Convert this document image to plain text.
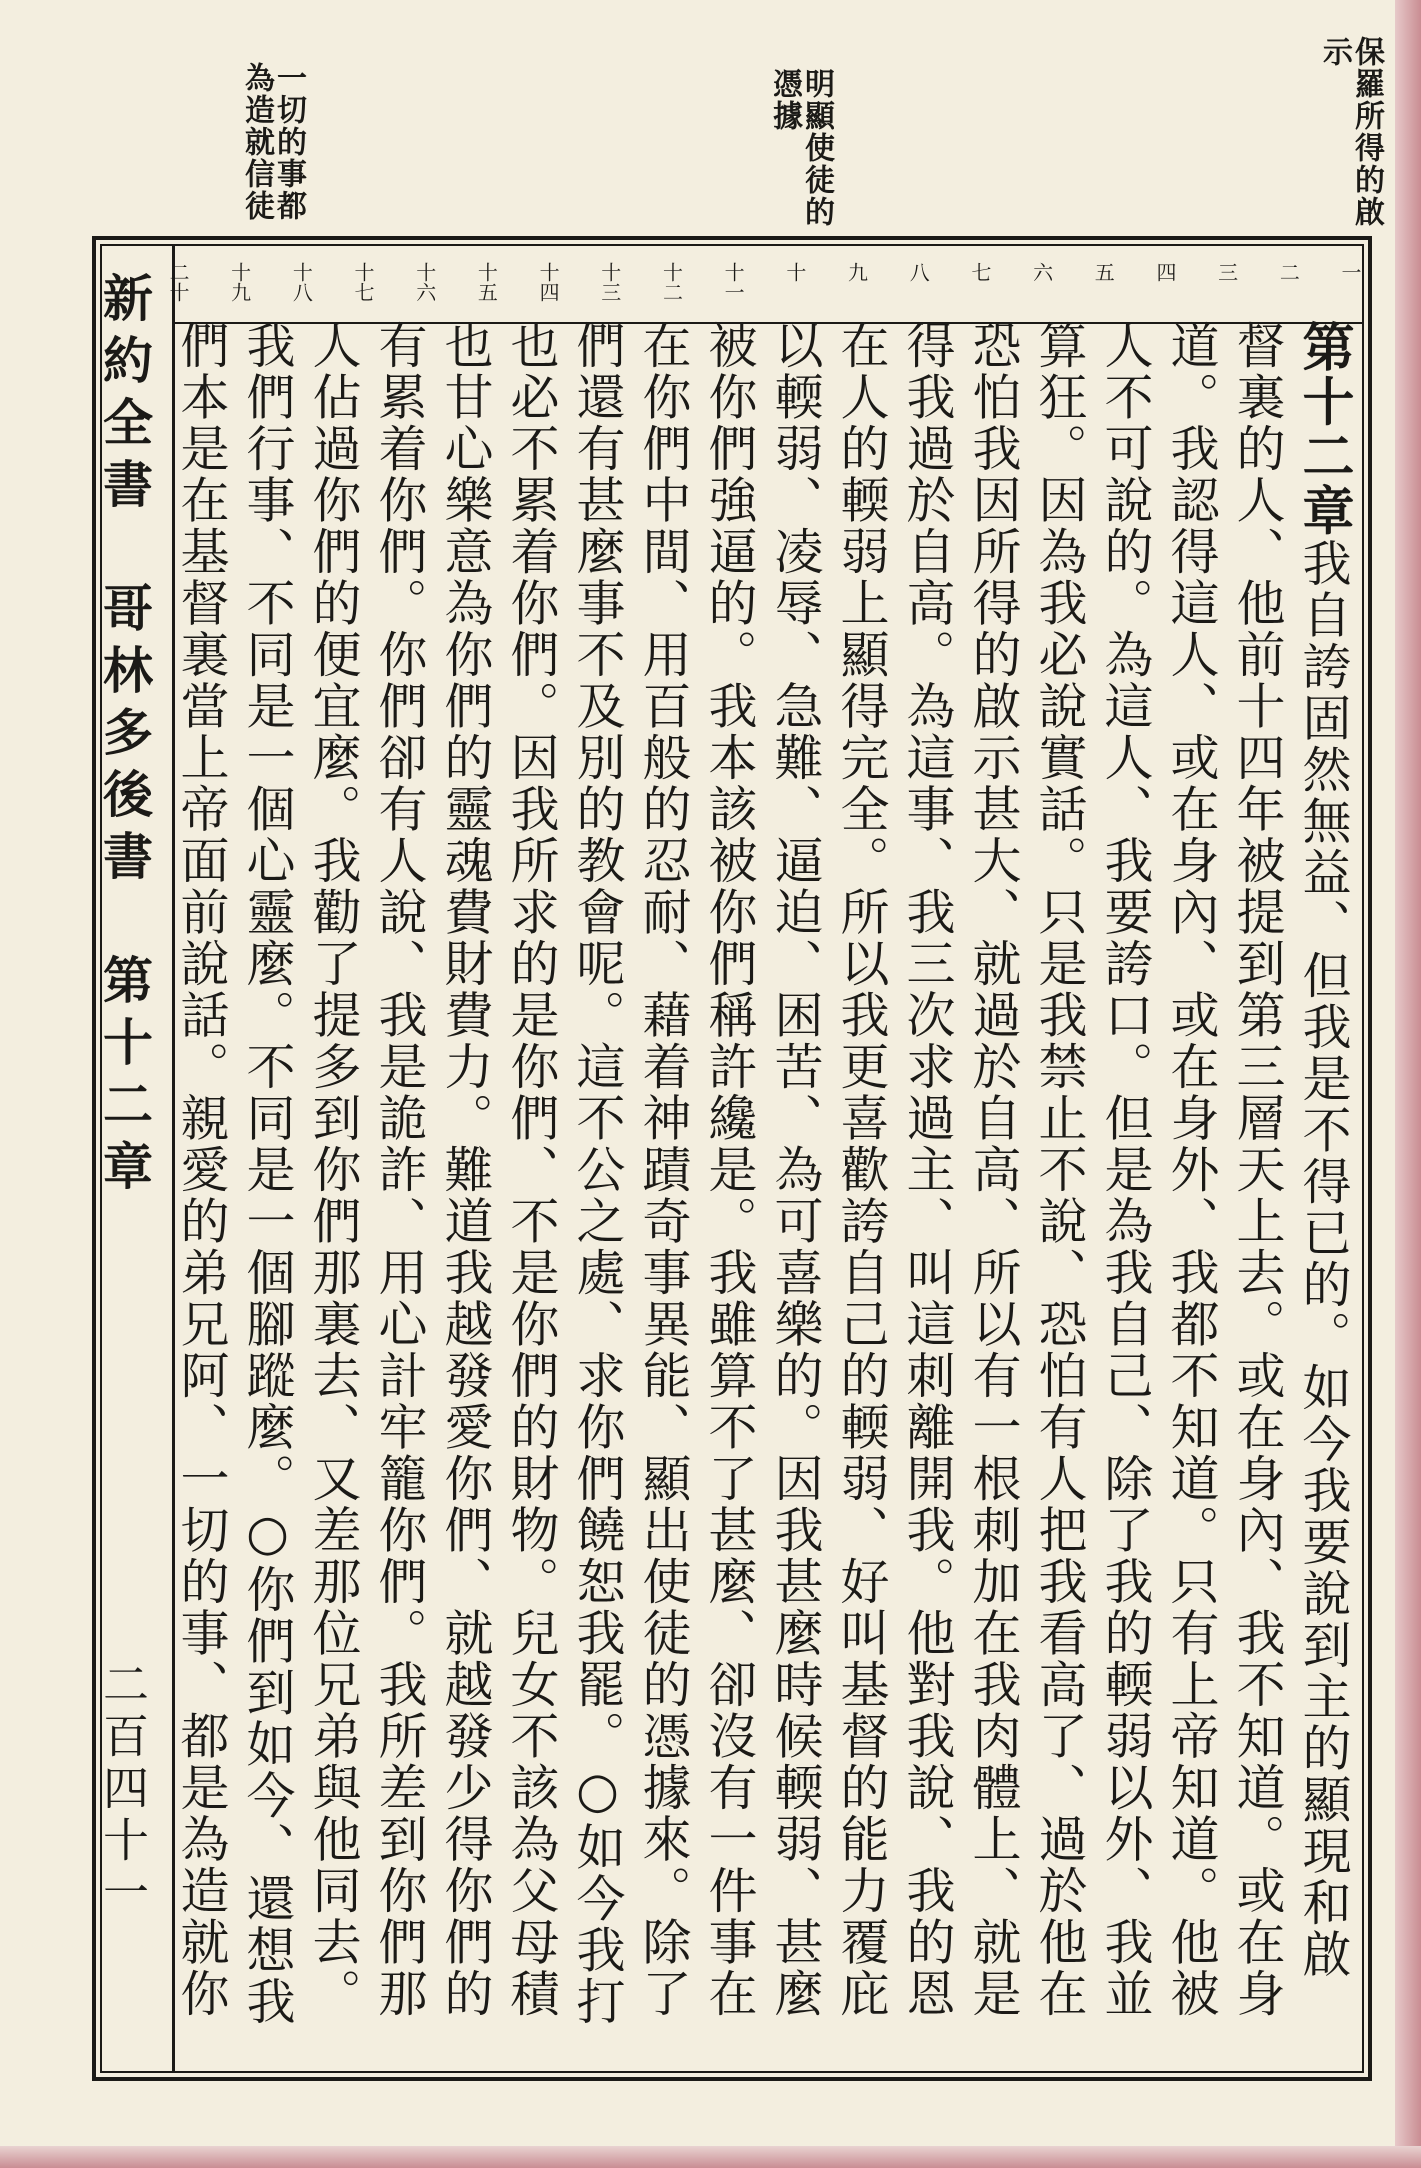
保羅所得的啟示
明顯使徒的憑據
一切的事都為造就信徒
一
二
三
四
五
六
七
八
九
十
十一
十二
十三
十四
十五
十六
十七
十八
十九
二十
新約全書　哥林多後書　第十二章
二百四十一
第十二章我自誇固然無益、但我是不得已的。如今我要說到主的顯現和啟
督裏的人、他前十四年被提到第三層天上去。或在身內、我不知道。或在身
道。我認得這人、或在身內、或在身外、我都不知道。只有上帝知道。他被
人不可說的。為這人、我要誇口。但是為我自己、除了我的輭弱以外、我並
算狂。因為我必說實話。只是我禁止不說、恐怕有人把我看高了、過於他在
恐怕我因所得的啟示甚大、就過於自高、所以有一根刺加在我肉體上、就是
得我過於自高。為這事、我三次求過主、叫這刺離開我。他對我說、我的恩
在人的輭弱上顯得完全。所以我更喜歡誇自己的輭弱、好叫基督的能力覆庇
以輭弱、凌辱、急難、逼迫、困苦、為可喜樂的。因我甚麼時候輭弱、甚麼
被你們強逼的。我本該被你們稱許纔是。我雖算不了甚麼、卻沒有一件事在
在你們中間、用百般的忍耐、藉着神蹟奇事異能、顯出使徒的憑據來。除了
們還有甚麼事不及別的教會呢。這不公之處、求你們饒恕我罷。○如今我打
也必不累着你們。因我所求的是你們、不是你們的財物。兒女不該為父母積
也甘心樂意為你們的靈魂費財費力。難道我越發愛你們、就越發少得你們的
有累着你們。你們卻有人說、我是詭詐、用心計牢籠你們。我所差到你們那
人佔過你們的便宜麼。我勸了提多到你們那裏去、又差那位兄弟與他同去。
我們行事、不同是一個心靈麼。不同是一個腳蹤麼。○你們到如今、還想我
們本是在基督裏當上帝面前說話。親愛的弟兄阿、一切的事、都是為造就你
